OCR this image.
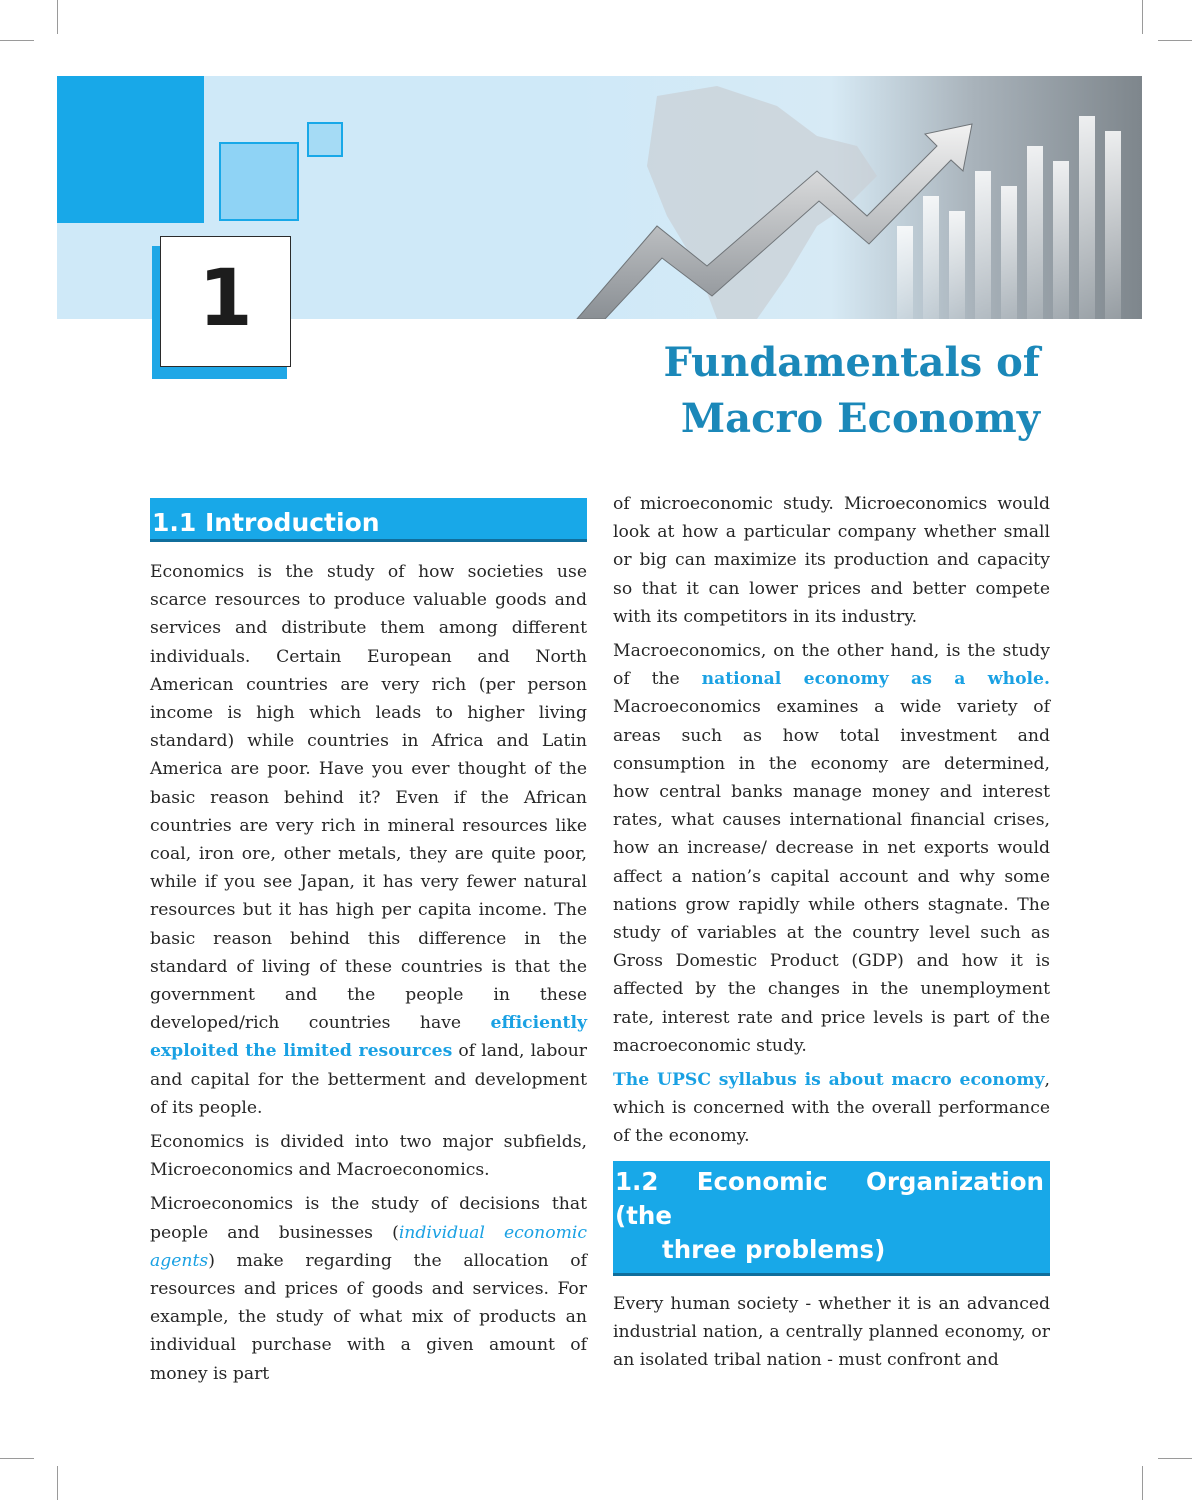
1
Fundamentals of
Macro Economy
1.1 Introduction

Economics is the study of how societies use scarce resources to produce valuable goods and services and distribute them among different individuals. Certain European and North American countries are very rich (per person income is high which leads to higher living standard) while countries in Africa and Latin America are poor. Have you ever thought of the basic reason behind it? Even if the African countries are very rich in mineral resources like coal, iron ore, other metals, they are quite poor, while if you see Japan, it has very fewer natural resources but it has high per capita income. The basic reason behind this difference in the standard of living of these countries is that the government and the people in these developed/rich countries have efficiently exploited the limited resources of land, labour and capital for the betterment and development of its people.

Economics is divided into two major subfields, Microeconomics and Macroeconomics.

Microeconomics is the study of decisions that people and businesses (individual economic agents) make regarding the allocation of resources and prices of goods and services. For example, the study of what mix of products an individual purchase with a given amount of money is part

of microeconomic study. Microeconomics would look at how a particular company whether small or big can maximize its production and capacity so that it can lower prices and better compete with its competitors in its industry.

Macroeconomics, on the other hand, is the study of the national economy as a whole. Macroeconomics examines a wide variety of areas such as how total investment and consumption in the economy are determined, how central banks manage money and interest rates, what causes international financial crises, how an increase/ decrease in net exports would affect a nation’s capital account and why some nations grow rapidly while others stagnate. The study of variables at the country level such as Gross Domestic Product (GDP) and how it is affected by the changes in the unemployment rate, interest rate and price levels is part of the macroeconomic study.

The UPSC syllabus is about macro economy, which is concerned with the overall performance of the economy.

1.2 Economic Organization (the
three problems)

Every human society - whether it is an advanced industrial nation, a centrally planned economy, or an isolated tribal nation - must confront and
